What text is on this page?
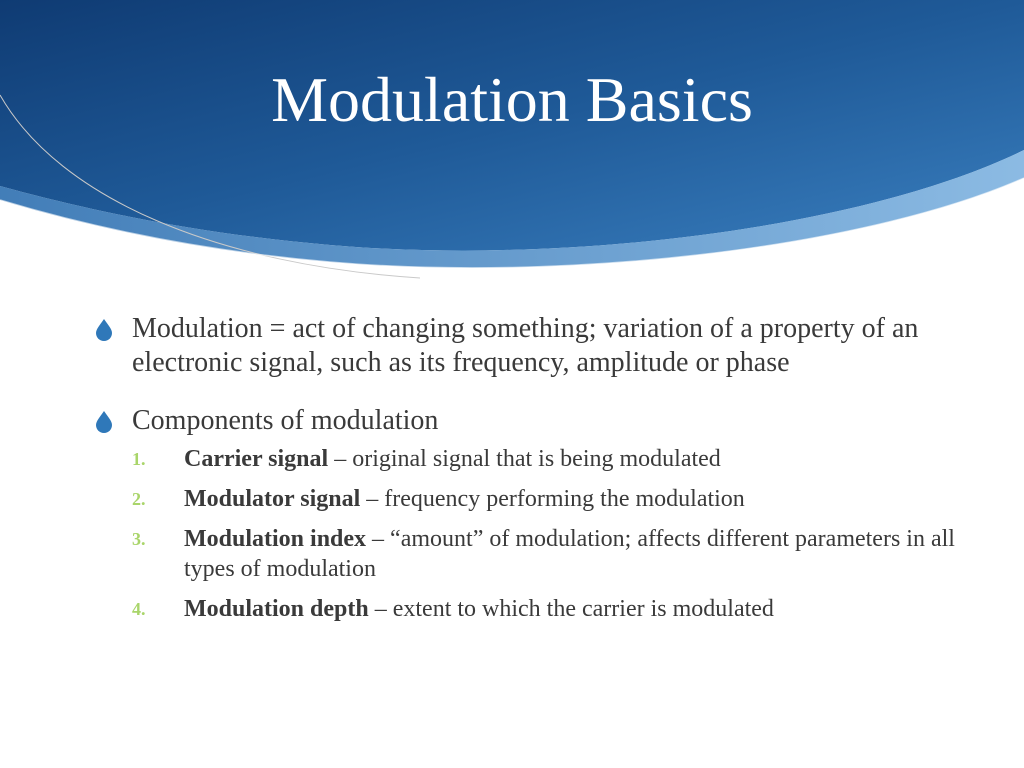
Modulation Basics
Modulation = act of changing something; variation of a property of an electronic signal, such as its frequency, amplitude or phase
Components of modulation
1.	Carrier signal – original signal that is being modulated
2.	Modulator signal – frequency performing the modulation
3.	Modulation index – “amount” of modulation; affects different parameters in all types of modulation
4.	Modulation depth – extent to which the carrier is modulated
